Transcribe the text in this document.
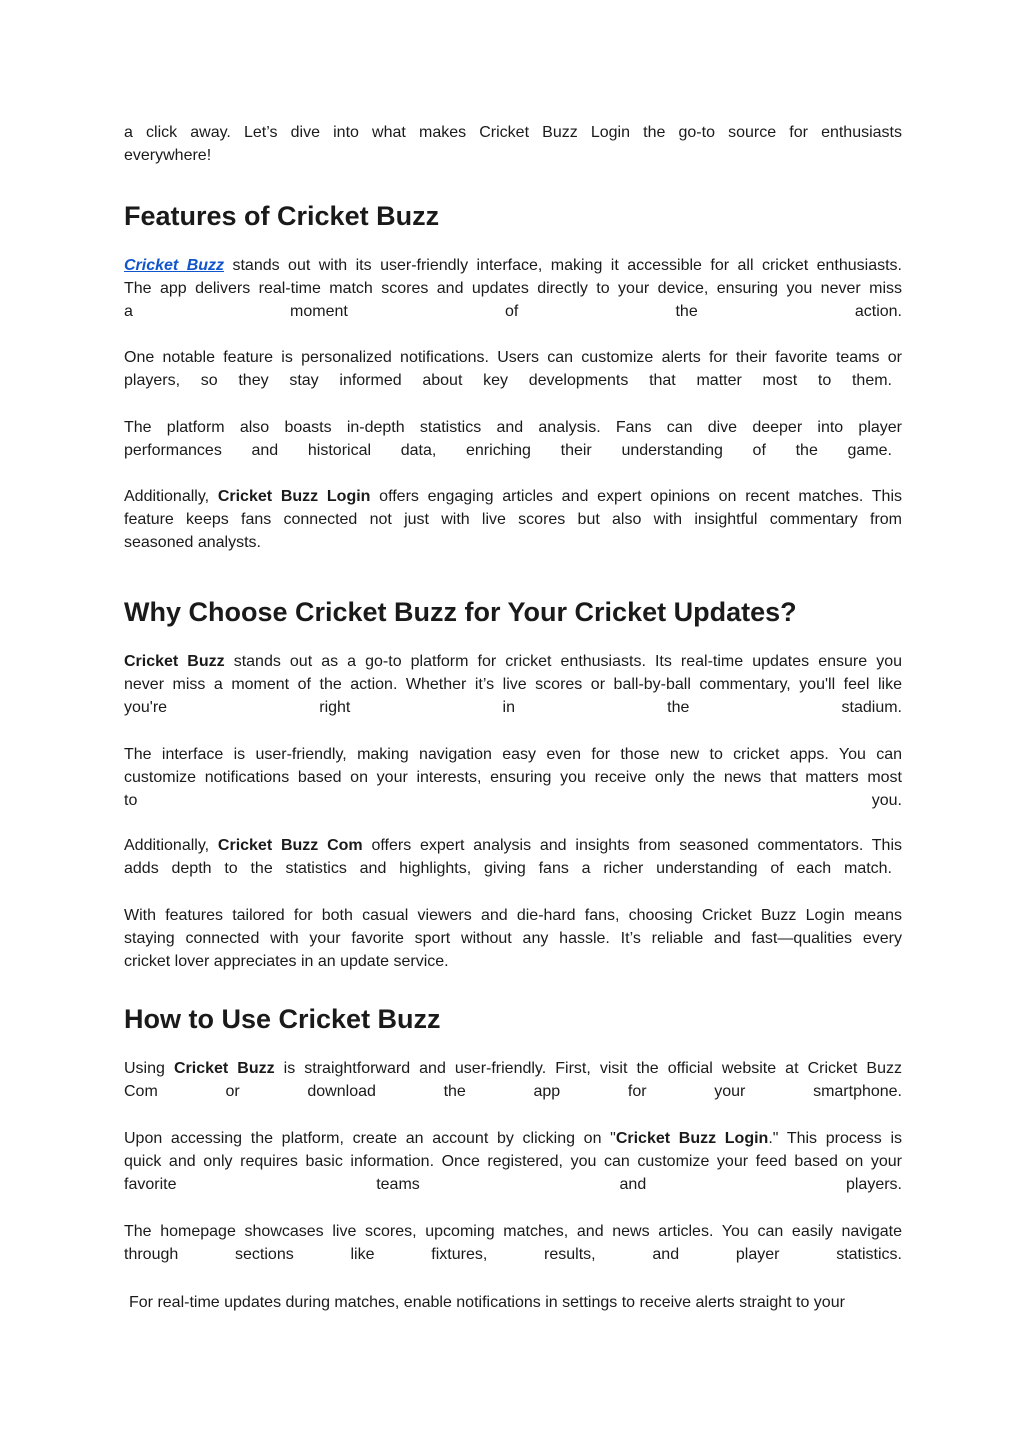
a click away. Let’s dive into what makes Cricket Buzz Login the go-to source for enthusiasts

everywhere!

Features of Cricket Buzz

Cricket Buzz stands out with its user-friendly interface, making it accessible for all cricket enthusiasts.

The app delivers real-time match scores and updates directly to your device, ensuring you never miss

a moment of the action.

One notable feature is personalized notifications. Users can customize alerts for their favorite teams or

players, so they stay informed about key developments that matter most to them.

The platform also boasts in-depth statistics and analysis. Fans can dive deeper into player

performances and historical data, enriching their understanding of the game.

Additionally, Cricket Buzz Login offers engaging articles and expert opinions on recent matches. This

feature keeps fans connected not just with live scores but also with insightful commentary from

seasoned analysts.

Why Choose Cricket Buzz for Your Cricket Updates?

Cricket Buzz stands out as a go-to platform for cricket enthusiasts. Its real-time updates ensure you

never miss a moment of the action. Whether it’s live scores or ball-by-ball commentary, you'll feel like

you're right in the stadium.

The interface is user-friendly, making navigation easy even for those new to cricket apps. You can

customize notifications based on your interests, ensuring you receive only the news that matters most

to you.

Additionally, Cricket Buzz Com offers expert analysis and insights from seasoned commentators. This

adds depth to the statistics and highlights, giving fans a richer understanding of each match.

With features tailored for both casual viewers and die-hard fans, choosing Cricket Buzz Login means

staying connected with your favorite sport without any hassle. It’s reliable and fast—qualities every

cricket lover appreciates in an update service.

How to Use Cricket Buzz

Using Cricket Buzz is straightforward and user-friendly. First, visit the official website at Cricket Buzz

Com or download the app for your smartphone.

Upon accessing the platform, create an account by clicking on "Cricket Buzz Login." This process is

quick and only requires basic information. Once registered, you can customize your feed based on your

favorite teams and players.

The homepage showcases live scores, upcoming matches, and news articles. You can easily navigate

through sections like fixtures, results, and player statistics.

For real-time updates during matches, enable notifications in settings to receive alerts straight to your
